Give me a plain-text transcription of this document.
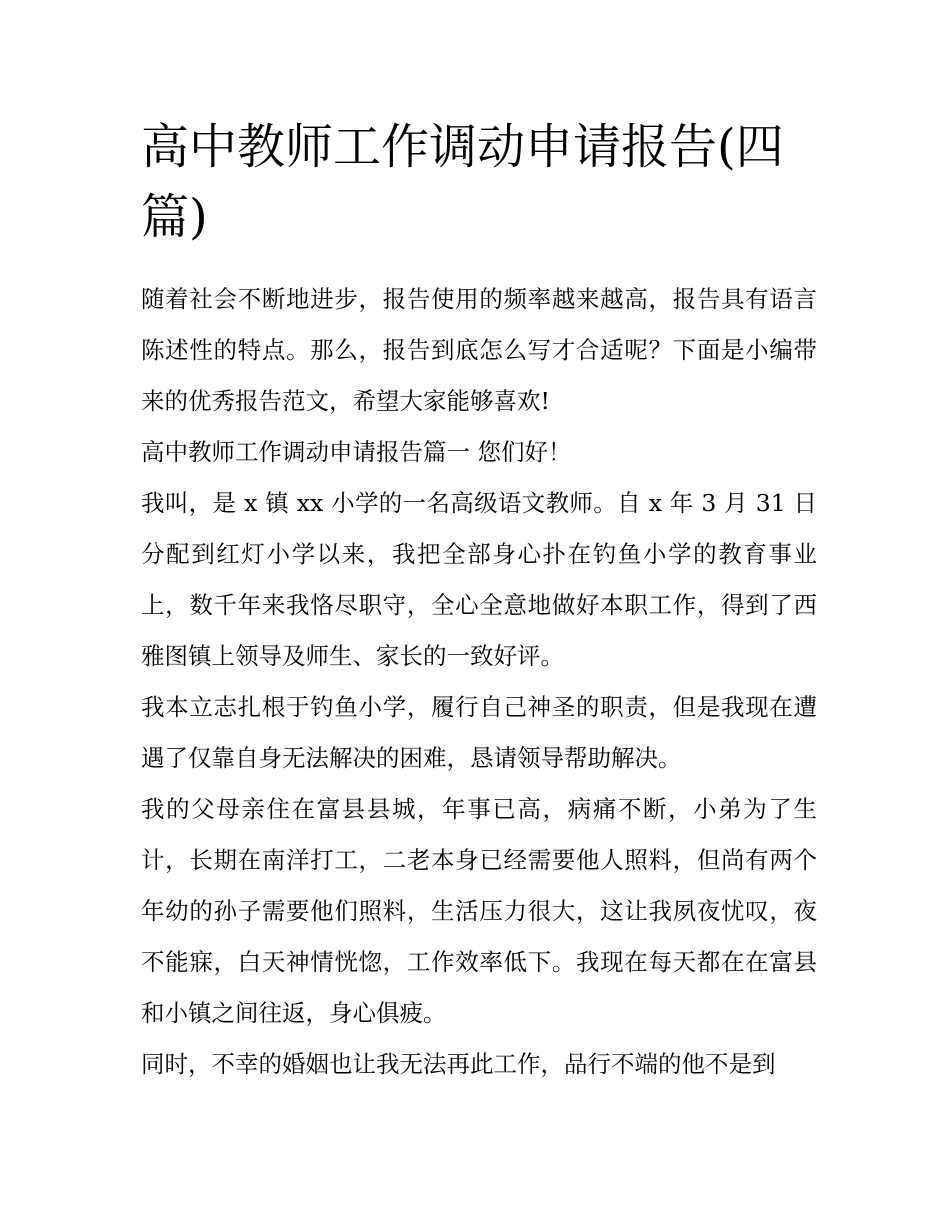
高中教师工作调动申请报告(四篇)

随着社会不断地进步，报告使用的频率越来越高，报告具有语言陈述性的特点。那么，报告到底怎么写才合适呢？下面是小编带来的优秀报告范文，希望大家能够喜欢!

高中教师工作调动申请报告篇一 您们好！

我叫，是 x 镇 xx 小学的一名高级语文教师。自 x 年 3 月 31 日分配到红灯小学以来，我把全部身心扑在钓鱼小学的教育事业上，数千年来我恪尽职守，全心全意地做好本职工作，得到了西雅图镇上领导及师生、家长的一致好评。

我本立志扎根于钓鱼小学，履行自己神圣的职责，但是我现在遭遇了仅靠自身无法解决的困难，恳请领导帮助解决。

我的父母亲住在富县县城，年事已高，病痛不断，小弟为了生计，长期在南洋打工，二老本身已经需要他人照料，但尚有两个年幼的孙子需要他们照料，生活压力很大，这让我夙夜忧叹，夜不能寐，白天神情恍惚，工作效率低下。我现在每天都在在富县和小镇之间往返，身心俱疲。

同时，不幸的婚姻也让我无法再此工作，品行不端的他不是到
